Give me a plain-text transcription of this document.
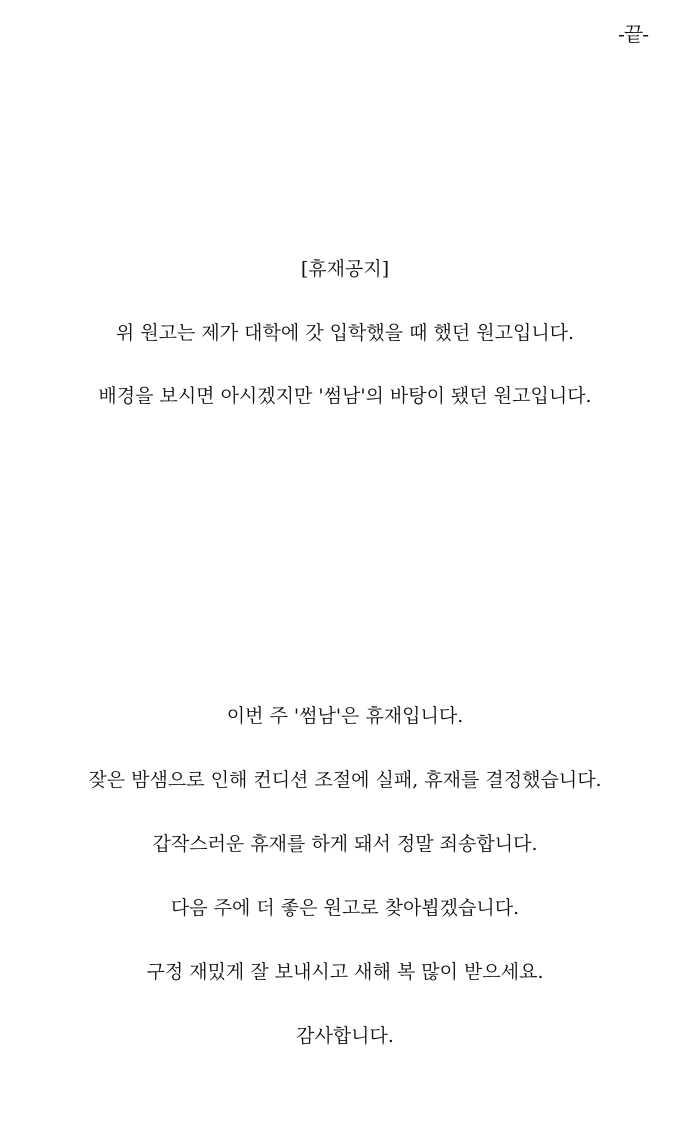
-끝-
[휴재공지]
위 원고는 제가 대학에 갓 입학했을 때 했던 원고입니다.
배경을 보시면 아시겠지만 '썸남'의 바탕이 됐던 원고입니다.
이번 주 '썸남'은 휴재입니다.
잦은 밤샘으로 인해 컨디션 조절에 실패, 휴재를 결정했습니다.
갑작스러운 휴재를 하게 돼서 정말 죄송합니다.
다음 주에 더 좋은 원고로 찾아뵙겠습니다.
구정 재밌게 잘 보내시고 새해 복 많이 받으세요.
감사합니다.
